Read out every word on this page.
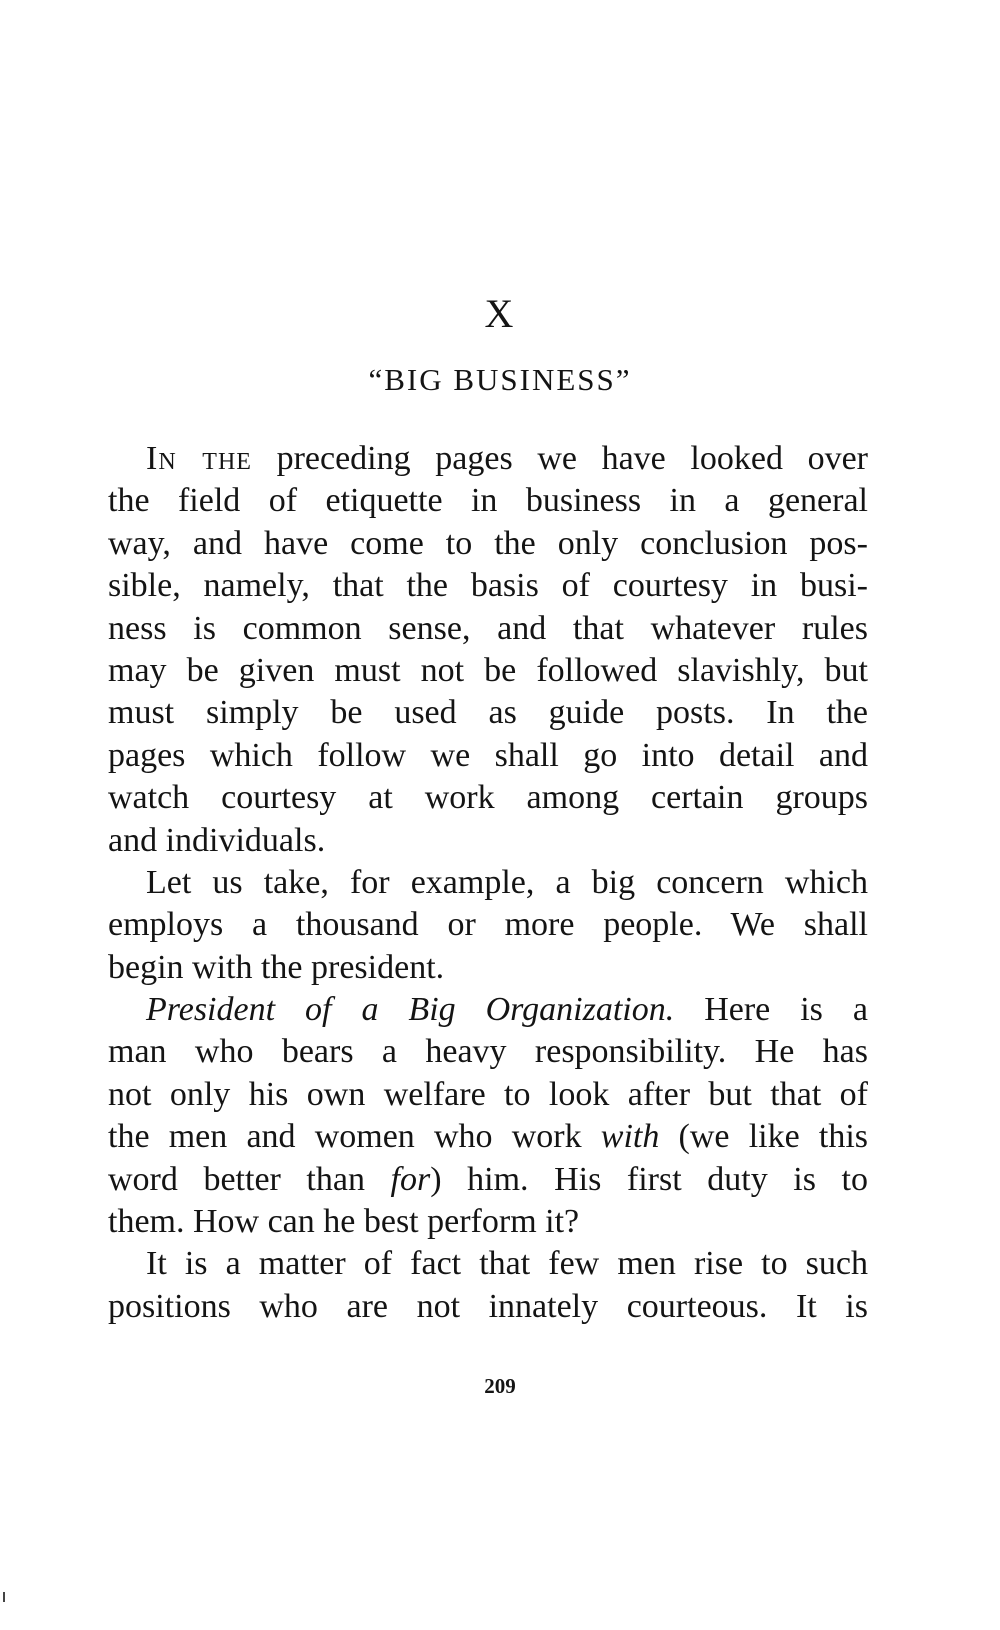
X
“BIG BUSINESS”
In the preceding pages we have looked over
the field of etiquette in business in a general
way, and have come to the only conclusion pos-
sible, namely, that the basis of courtesy in busi-
ness is common sense, and that whatever rules
may be given must not be followed slavishly, but
must simply be used as guide posts. In the
pages which follow we shall go into detail and
watch courtesy at work among certain groups
and individuals.
Let us take, for example, a big concern which
employs a thousand or more people. We shall
begin with the president.
President of a Big Organization. Here is a
man who bears a heavy responsibility. He has
not only his own welfare to look after but that of
the men and women who work with (we like this
word better than for) him. His first duty is to
them. How can he best perform it?
It is a matter of fact that few men rise to such
positions who are not innately courteous. It is
209
